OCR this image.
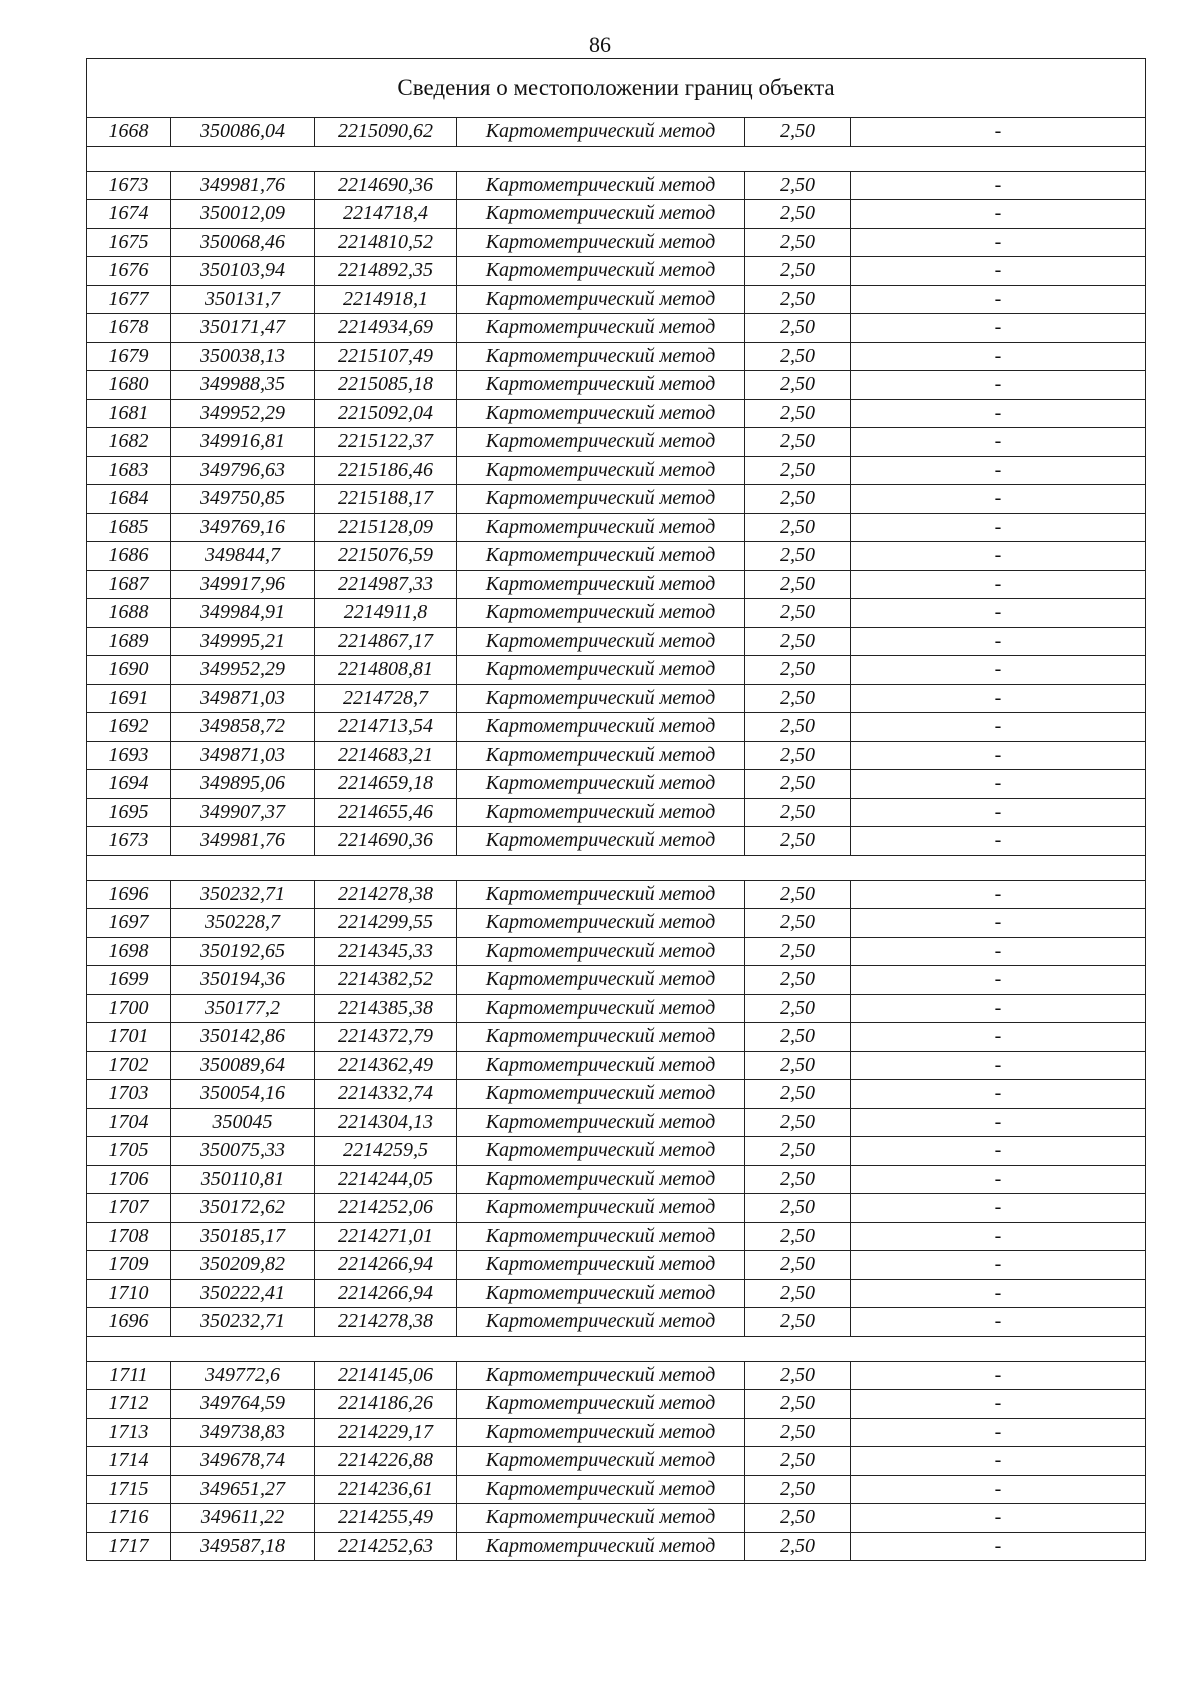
86
Сведения о местоположении границ объекта					
1668	350086,04	2215090,62	Картометрический метод	2,50	-

1673	349981,76	2214690,36	Картометрический метод	2,50	-
1674	350012,09	2214718,4	Картометрический метод	2,50	-
1675	350068,46	2214810,52	Картометрический метод	2,50	-
1676	350103,94	2214892,35	Картометрический метод	2,50	-
1677	350131,7	2214918,1	Картометрический метод	2,50	-
1678	350171,47	2214934,69	Картометрический метод	2,50	-
1679	350038,13	2215107,49	Картометрический метод	2,50	-
1680	349988,35	2215085,18	Картометрический метод	2,50	-
1681	349952,29	2215092,04	Картометрический метод	2,50	-
1682	349916,81	2215122,37	Картометрический метод	2,50	-
1683	349796,63	2215186,46	Картометрический метод	2,50	-
1684	349750,85	2215188,17	Картометрический метод	2,50	-
1685	349769,16	2215128,09	Картометрический метод	2,50	-
1686	349844,7	2215076,59	Картометрический метод	2,50	-
1687	349917,96	2214987,33	Картометрический метод	2,50	-
1688	349984,91	2214911,8	Картометрический метод	2,50	-
1689	349995,21	2214867,17	Картометрический метод	2,50	-
1690	349952,29	2214808,81	Картометрический метод	2,50	-
1691	349871,03	2214728,7	Картометрический метод	2,50	-
1692	349858,72	2214713,54	Картометрический метод	2,50	-
1693	349871,03	2214683,21	Картометрический метод	2,50	-
1694	349895,06	2214659,18	Картометрический метод	2,50	-
1695	349907,37	2214655,46	Картометрический метод	2,50	-
1673	349981,76	2214690,36	Картометрический метод	2,50	-

1696	350232,71	2214278,38	Картометрический метод	2,50	-
1697	350228,7	2214299,55	Картометрический метод	2,50	-
1698	350192,65	2214345,33	Картометрический метод	2,50	-
1699	350194,36	2214382,52	Картометрический метод	2,50	-
1700	350177,2	2214385,38	Картометрический метод	2,50	-
1701	350142,86	2214372,79	Картометрический метод	2,50	-
1702	350089,64	2214362,49	Картометрический метод	2,50	-
1703	350054,16	2214332,74	Картометрический метод	2,50	-
1704	350045	2214304,13	Картометрический метод	2,50	-
1705	350075,33	2214259,5	Картометрический метод	2,50	-
1706	350110,81	2214244,05	Картометрический метод	2,50	-
1707	350172,62	2214252,06	Картометрический метод	2,50	-
1708	350185,17	2214271,01	Картометрический метод	2,50	-
1709	350209,82	2214266,94	Картометрический метод	2,50	-
1710	350222,41	2214266,94	Картометрический метод	2,50	-
1696	350232,71	2214278,38	Картометрический метод	2,50	-

1711	349772,6	2214145,06	Картометрический метод	2,50	-
1712	349764,59	2214186,26	Картометрический метод	2,50	-
1713	349738,83	2214229,17	Картометрический метод	2,50	-
1714	349678,74	2214226,88	Картометрический метод	2,50	-
1715	349651,27	2214236,61	Картометрический метод	2,50	-
1716	349611,22	2214255,49	Картометрический метод	2,50	-
1717	349587,18	2214252,63	Картометрический метод	2,50	-
